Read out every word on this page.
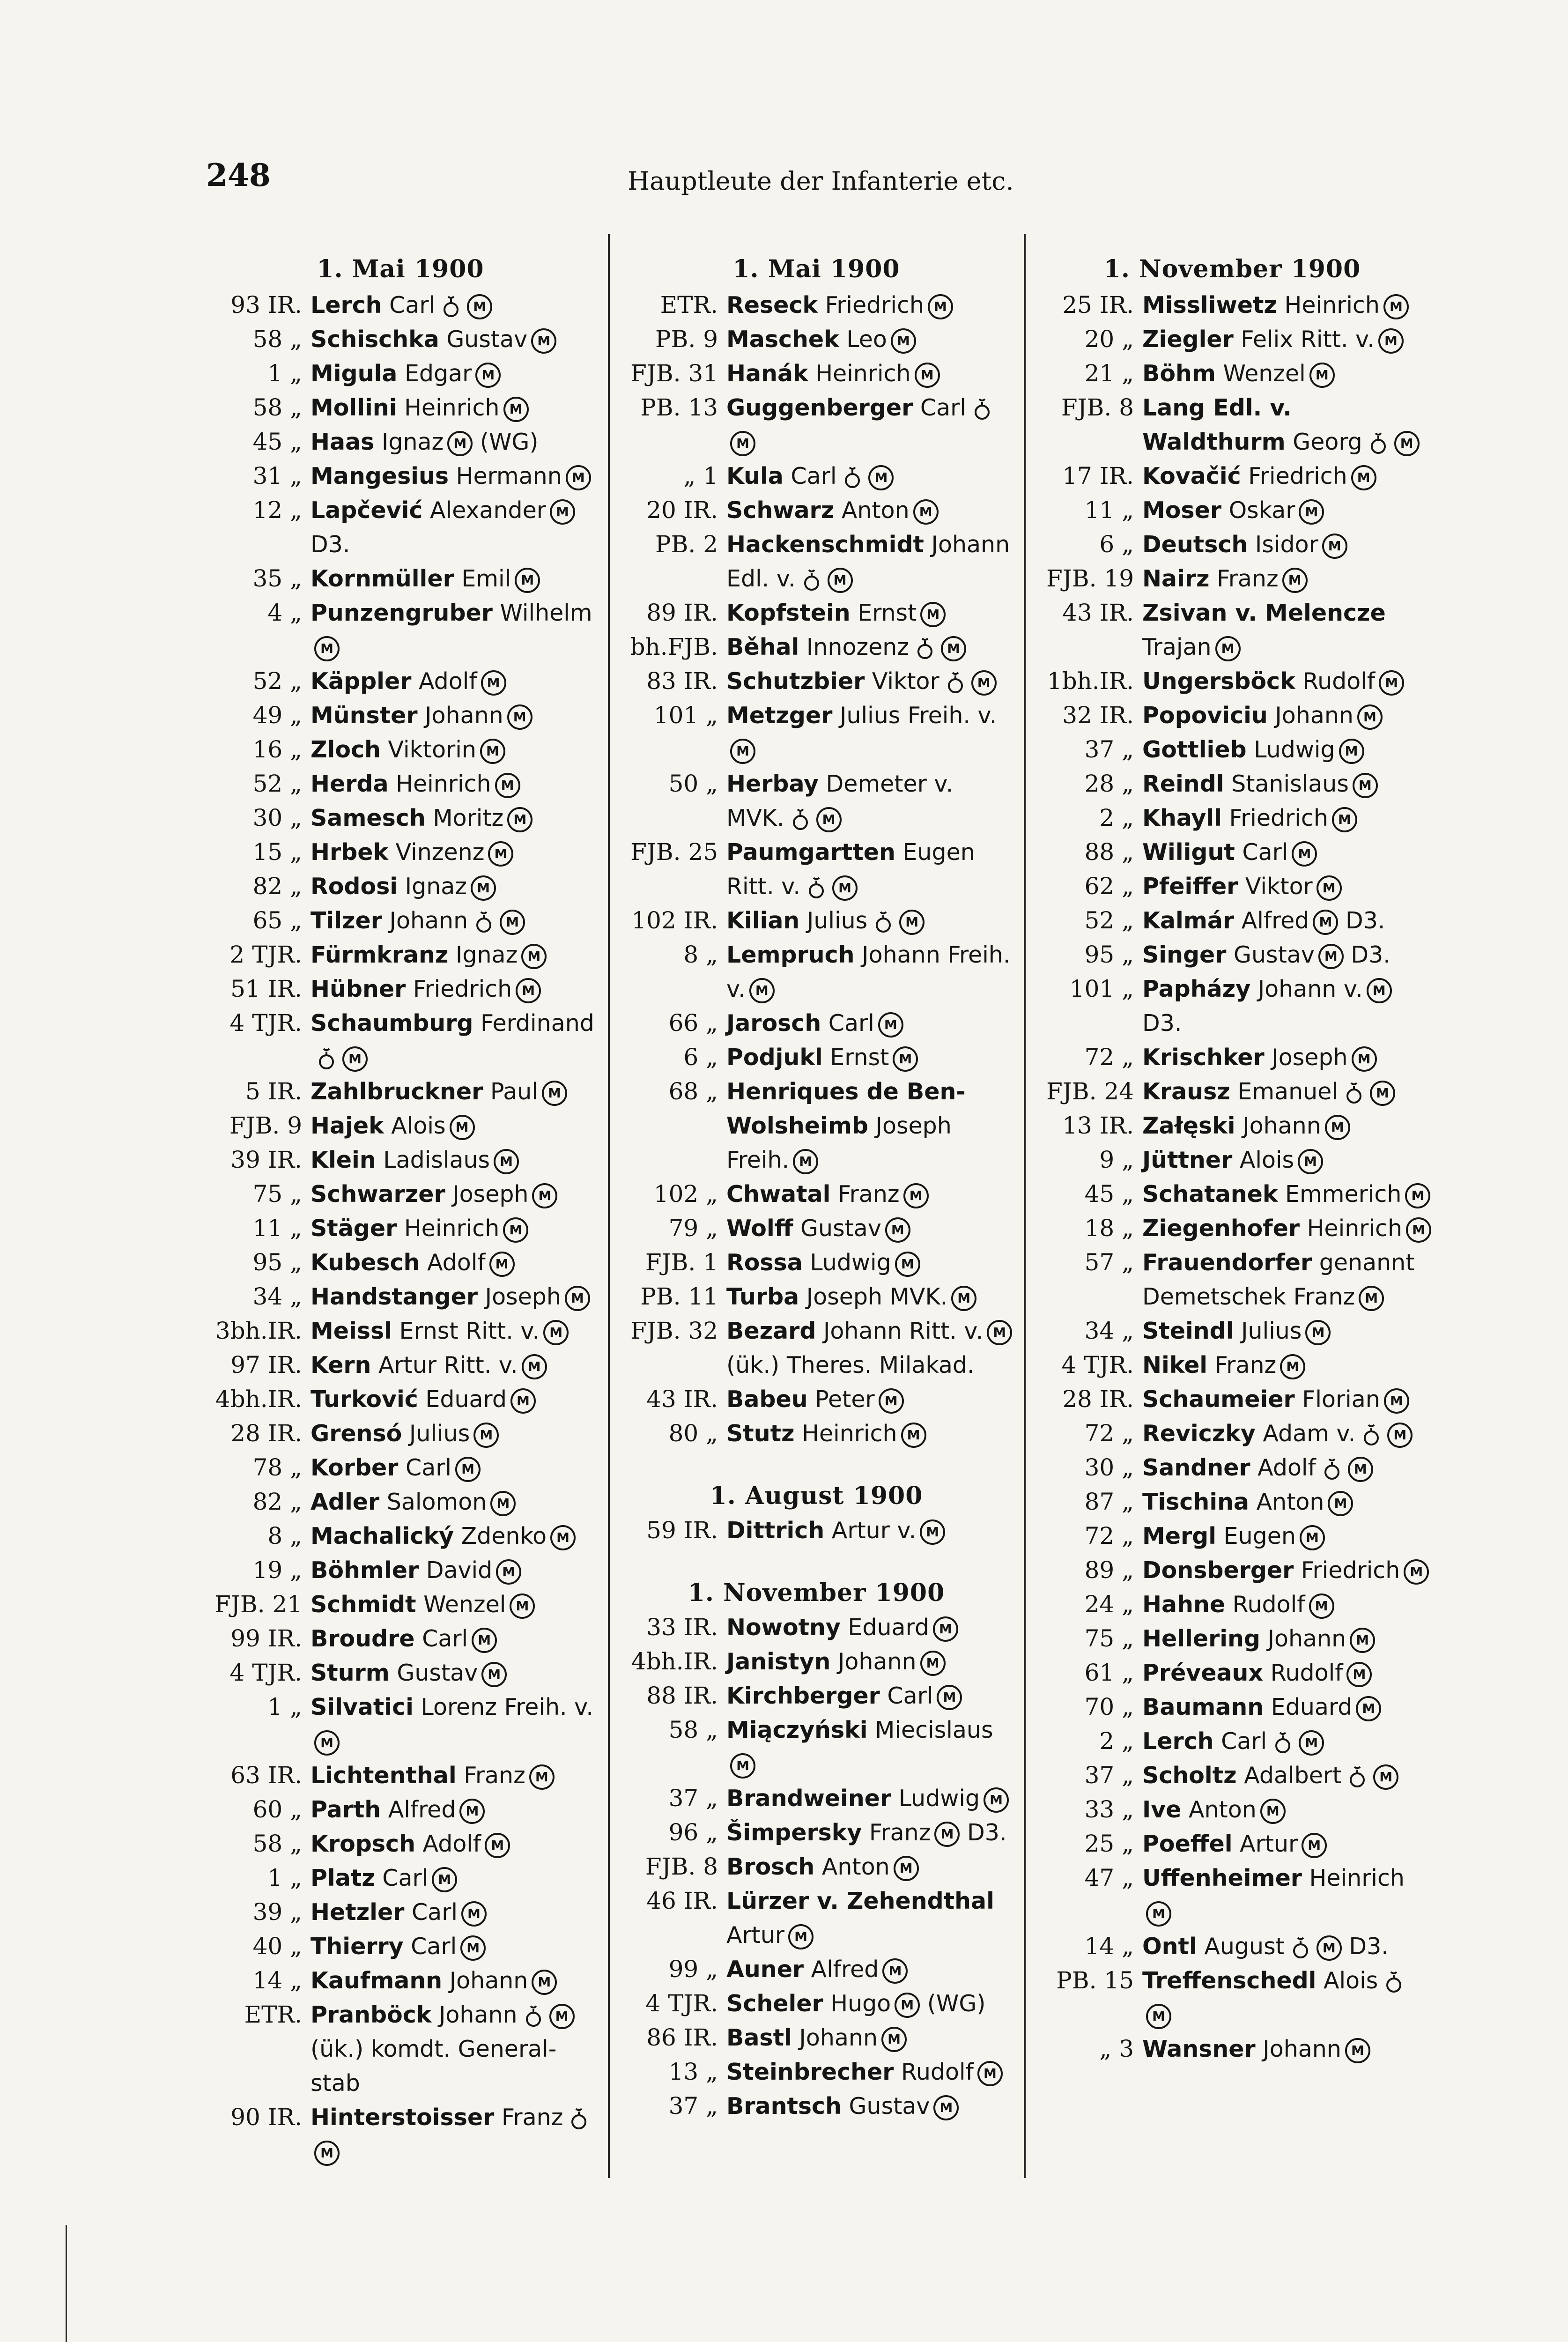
248	Hauptleute der Infanterie etc.
1. Mai 1900
93 IR. Lerch Carl	M
58 „ Schischka Gustav M
1 „ Migula Edgar M
58 „ Mollini Heinrich M
45 „ Haas Ignaz M (WG)
31 „ Mangesius Hermann M
12 „ Lapčević Alexander M D3.
35 „ Kornmüller Emil M
4 „ Punzengruber WilhelmM
52 „ Käppler Adolf M
49 „ Münster Johann M
16 „ Zloch Viktorin M
52 „ Herda Heinrich M
30 „ Samesch Moritz M
15 „ Hrbek Vinzenz M
82 „ Rodosi Ignaz M
65 „ Tilzer Johann	M
2 TJR. Fürmkranz Ignaz M
51 IR. Hübner Friedrich M
4 TJR. Schaumburg FerdinandM
5 IR. Zahlbruckner Paul M
FJB. 9 Hajek Alois M
39 IR. Klein Ladislaus M
75 „ Schwarzer Joseph M
11 „ Stäger Heinrich M
95 „ Kubesch Adolf M
34 „ Handstanger Joseph M
3bh.IR. Meissl Ernst Ritt. v. M
97 IR. Kern Artur Ritt. v. M
4bh.IR. Turković Eduard M
28 IR. Grensó Julius M
78 „ Korber Carl M
82 „ Adler Salomon M
8 „ Machalický Zdenko M
19 „ Böhmler David M
FJB. 21 Schmidt Wenzel M
99 IR. Broudre Carl M
4 TJR. Sturm Gustav M
1 „ Silvatici Lorenz Freih. v.M
63 IR. Lichtenthal Franz M
60 „ Parth Alfred M
58 „ Kropsch Adolf M
1 „ Platz Carl M
39 „ Hetzler Carl M
40 „ Thierry Carl M
14 „ Kaufmann Johann M
ETR. Pranböck Johann	M (ük.) komdt. General-stab
90 IR. Hinterstoisser FranzM
1. Mai 1900
ETR. Reseck Friedrich M
PB. 9 Maschek Leo M
FJB. 31 Hanák Heinrich M
PB. 13 Guggenberger CarlM
„ 1 Kula Carl	M
20 IR. Schwarz Anton M
PB. 2 Hackenschmidt Johann Edl. v.	M
89 IR. Kopfstein Ernst M
bh.FJB. Běhal Innozenz	M
83 IR. Schutzbier Viktor	M
101 „ Metzger Julius Freih. v.M
50 „ Herbay Demeter v. MVK.	M
FJB. 25 Paumgartten Eugen Ritt. v.	M
102 IR. Kilian Julius	M
8 „ Lempruch Johann Freih. v. M
66 „ Jarosch Carl M
6 „ Podjukl Ernst M
68 „ Henriques de Ben-Wolsheimb Joseph Freih. M
102 „ Chwatal Franz M
79 „ Wolff Gustav M
FJB. 1 Rossa Ludwig M
PB. 11 Turba Joseph MVK. M
FJB. 32 Bezard Johann Ritt. v. M (ük.) Theres. Milakad.
43 IR. Babeu Peter M
80 „ Stutz Heinrich M
1. August 1900
59 IR. Dittrich Artur v. M
1. November 1900
33 IR. Nowotny Eduard M
4bh.IR. Janistyn Johann M
88 IR. Kirchberger Carl M
58 „ Miączyński MiecislausM
37 „ Brandweiner Ludwig M
96 „ Šimpersky Franz M D3.
FJB. 8 Brosch Anton M
46 IR. Lürzer v. Zehendthal Artur M
99 „ Auner Alfred M
4 TJR. Scheler Hugo M (WG)
86 IR. Bastl Johann M
13 „ Steinbrecher Rudolf M
37 „ Brantsch Gustav M
1. November 1900
25 IR. Missliwetz Heinrich M
20 „ Ziegler Felix Ritt. v. M
21 „ Böhm Wenzel M
FJB. 8 Lang Edl. v. Waldthurm Georg	M
17 IR. Kovačić Friedrich M
11 „ Moser Oskar M
6 „ Deutsch Isidor M
FJB. 19 Nairz Franz M
43 IR. Zsivan v. Melencze Trajan M
1bh.IR. Ungersböck Rudolf M
32 IR. Popoviciu Johann M
37 „ Gottlieb Ludwig M
28 „ Reindl Stanislaus M
2 „ Khayll Friedrich M
88 „ Wiligut Carl M
62 „ Pfeiffer Viktor M
52 „ Kalmár Alfred M D3.
95 „ Singer Gustav M D3.
101 „ Papházy Johann v. M D3.
72 „ Krischker Joseph M
FJB. 24 Krausz Emanuel	M
13 IR. Załęski Johann M
9 „ Jüttner Alois M
45 „ Schatanek Emmerich M
18 „ Ziegenhofer Heinrich M
57 „ Frauendorfer genannt Demetschek Franz M
34 „ Steindl Julius M
4 TJR. Nikel Franz M
28 IR. Schaumeier Florian M
72 „ Reviczky Adam v.	M
30 „ Sandner Adolf	M
87 „ Tischina Anton M
72 „ Mergl Eugen M
89 „ Donsberger Friedrich M
24 „ Hahne Rudolf M
75 „ Hellering Johann M
61 „ Préveaux Rudolf M
70 „ Baumann Eduard M
2 „ Lerch Carl	M
37 „ Scholtz Adalbert	M
33 „ Ive Anton M
25 „ Poeffel Artur M
47 „ Uffenheimer HeinrichM
14 „ Ontl August	M D3.
PB. 15 Treffenschedl AloisM
„ 3 Wansner Johann M
